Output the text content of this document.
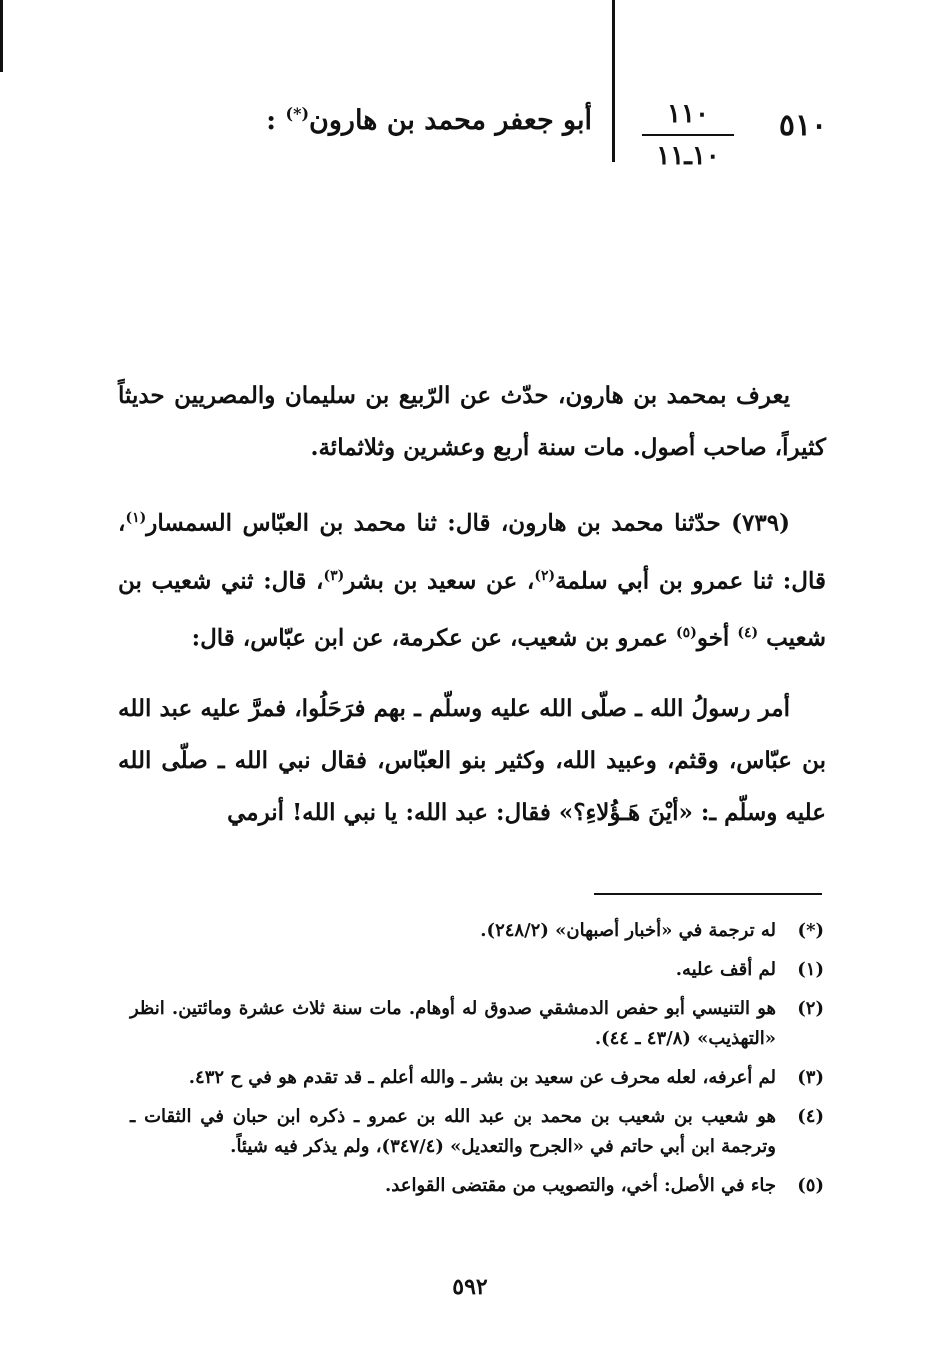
٥١٠
١١٠
١٠ـ١١
أبو جعفر محمد بن هارون(*) :

يعرف بمحمد بن هارون، حدّث عن الرّبيع بن سليمان والمصريين حديثاً كثيراً، صاحب أصول. مات سنة أربع وعشرين وثلاثمائة.

(٧٣٩) حدّثنا محمد بن هارون، قال: ثنا محمد بن العبّاس السمسار$^{(١)}$، قال: ثنا عمرو بن أبي سلمة$^{(٢)}$، عن سعيد بن بشر$^{(٣)}$، قال: ثني شعيب بن شعيب $^{(٤)}$ أخو$^{(٥)}$ عمرو بن شعيب، عن عكرمة، عن ابن عبّاس، قال:

أمر رسولُ الله ـ صلّى الله عليه وسلّم ـ بهم فرَحَلُوا، فمرَّ عليه عبد الله بن عبّاس، وقثم، وعبيد الله، وكثير بنو العبّاس، فقال نبي الله ـ صلّى الله عليه وسلّم ـ: «أيْنَ هَـؤُلاءِ؟» فقال: عبد الله: يا نبي الله! أنرمي

(*)
له ترجمة في «أخبار أصبهان» (٢٤٨/٢).
(١)
لم أقف عليه.
(٢)
هو التنيسي أبو حفص الدمشقي صدوق له أوهام. مات سنة ثلاث عشرة ومائتين. انظر «التهذيب» (٤٣/٨ ـ ٤٤).
(٣)
لم أعرفه، لعله محرف عن سعيد بن بشر ـ والله أعلم ـ قد تقدم هو في ح ٤٣٢.
(٤)
هو شعيب بن شعيب بن محمد بن عبد الله بن عمرو ـ ذكره ابن حبان في الثقات ـ وترجمة ابن أبي حاتم في «الجرح والتعديل» (٣٤٧/٤)، ولم يذكر فيه شيئاً.
(٥)
جاء في الأصل: أخي، والتصويب من مقتضى القواعد.
٥٩٢
